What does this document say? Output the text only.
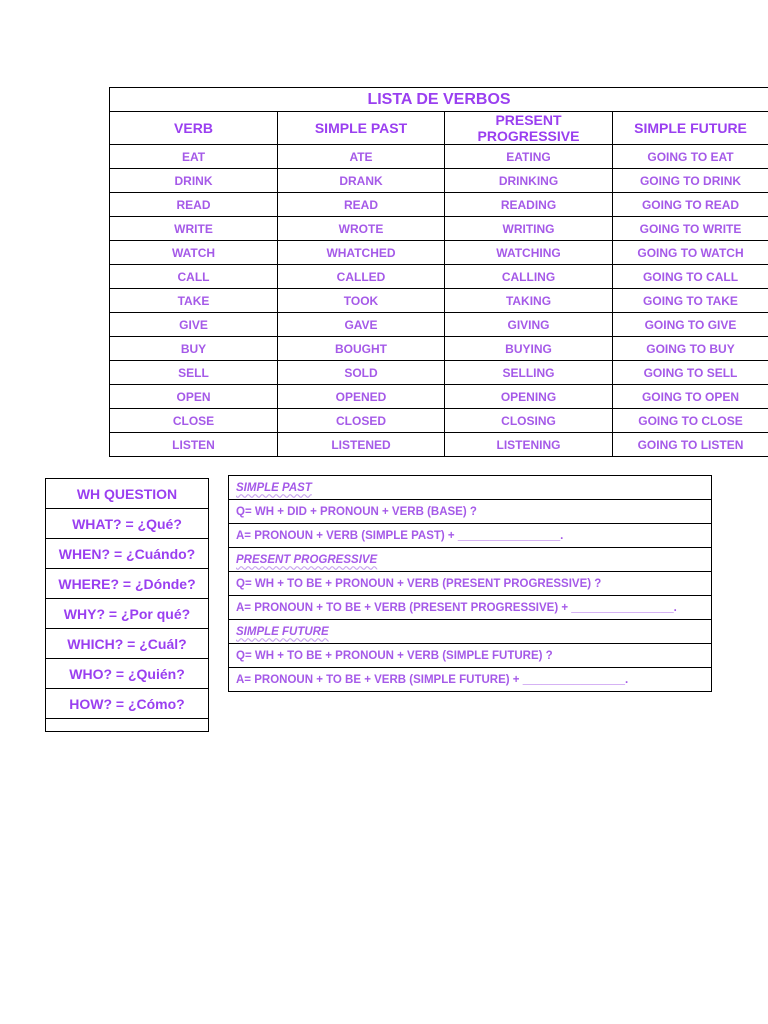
LISTA DE VERBOS			
VERB	SIMPLE PAST	PRESENT PROGRESSIVE	SIMPLE FUTURE
EAT	ATE	EATING	GOING TO EAT
DRINK	DRANK	DRINKING	GOING TO DRINK
READ	READ	READING	GOING TO READ
WRITE	WROTE	WRITING	GOING TO WRITE
WATCH	WHATCHED	WATCHING	GOING TO WATCH
CALL	CALLED	CALLING	GOING TO CALL
TAKE	TOOK	TAKING	GOING TO TAKE
GIVE	GAVE	GIVING	GOING TO GIVE
BUY	BOUGHT	BUYING	GOING TO BUY
SELL	SOLD	SELLING	GOING TO SELL
OPEN	OPENED	OPENING	GOING TO OPEN
CLOSE	CLOSED	CLOSING	GOING TO CLOSE
LISTEN	LISTENED	LISTENING	GOING TO LISTEN
WH QUESTION
WHAT? = ¿Qué?
WHEN? = ¿Cuándo?
WHERE? = ¿Dónde?
WHY? = ¿Por qué?
WHICH? = ¿Cuál?
WHO? = ¿Quién?
HOW? = ¿Cómo?

SIMPLE PAST
Q= WH + DID + PRONOUN + VERB (BASE) ?
A= PRONOUN + VERB (SIMPLE PAST) + ________________.
PRESENT PROGRESSIVE
Q= WH + TO BE + PRONOUN + VERB (PRESENT PROGRESSIVE) ?
A= PRONOUN + TO BE + VERB (PRESENT PROGRESSIVE) + ________________.
SIMPLE FUTURE
Q= WH + TO BE + PRONOUN + VERB (SIMPLE FUTURE) ?
A= PRONOUN + TO BE + VERB (SIMPLE FUTURE) + ________________.
